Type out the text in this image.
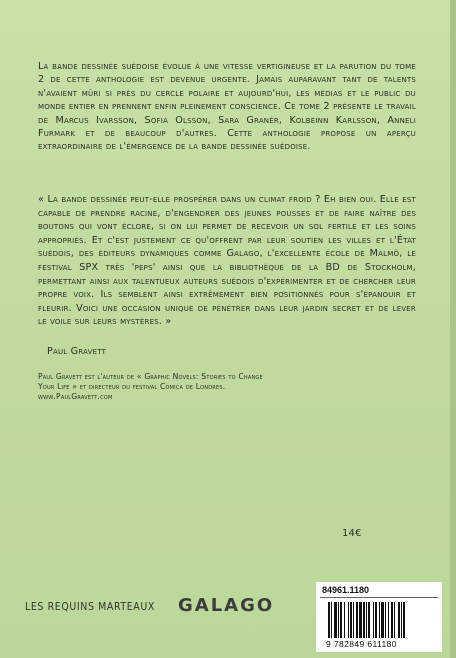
La bande dessinée suédoise évolue à une vitesse vertigineuse et la parution du tome 2 de cette anthologie est devenue urgente. Jamais auparavant tant de talents n'avaient mûri si près du cercle polaire et aujourd'hui, les médias et le public du monde entier en prennent enfin pleinement conscience. Ce tome 2 présente le travail de Marcus Ivarsson, Sofia Olsson, Sara Granér, Kolbeinn Karlsson, Anneli Furmark et de beaucoup d'autres. Cette anthologie propose un aperçu extraordinaire de l'émergence de la bande dessinée suédoise.

« La bande dessinée peut-elle prospérer dans un climat froid ? Eh bien oui. Elle est capable de prendre racine, d'engendrer des jeunes pousses et de faire naître des boutons qui vont éclore, si on lui permet de recevoir un sol fertile et les soins appropriés. Et c'est justement ce qu'offrent par leur soutien les villes et l'État suédois, des éditeurs dynamiques comme Galago, l'excellente école de Malmö, le festival SPX très 'peps' ainsi que la bibliothèque de la BD de Stockholm, permettant ainsi aux talentueux auteurs suédois d'expérimenter et de chercher leur propre voix. Ils semblent ainsi extrêmement bien positionnés pour s'épanouir et fleurir. Voici une occasion unique de pénétrer dans leur jardin secret et de lever le voile sur leurs mystères. »

Paul Gravett
Paul Gravett est l'auteur de « Graphic Novels: Stories to Change
Your Life » et directeur du festival Comica de Londres.
www.PaulGravett.com
14€
LES REQUINS MARTEAUX GALAGO
84961.1180
9 782849 611180
